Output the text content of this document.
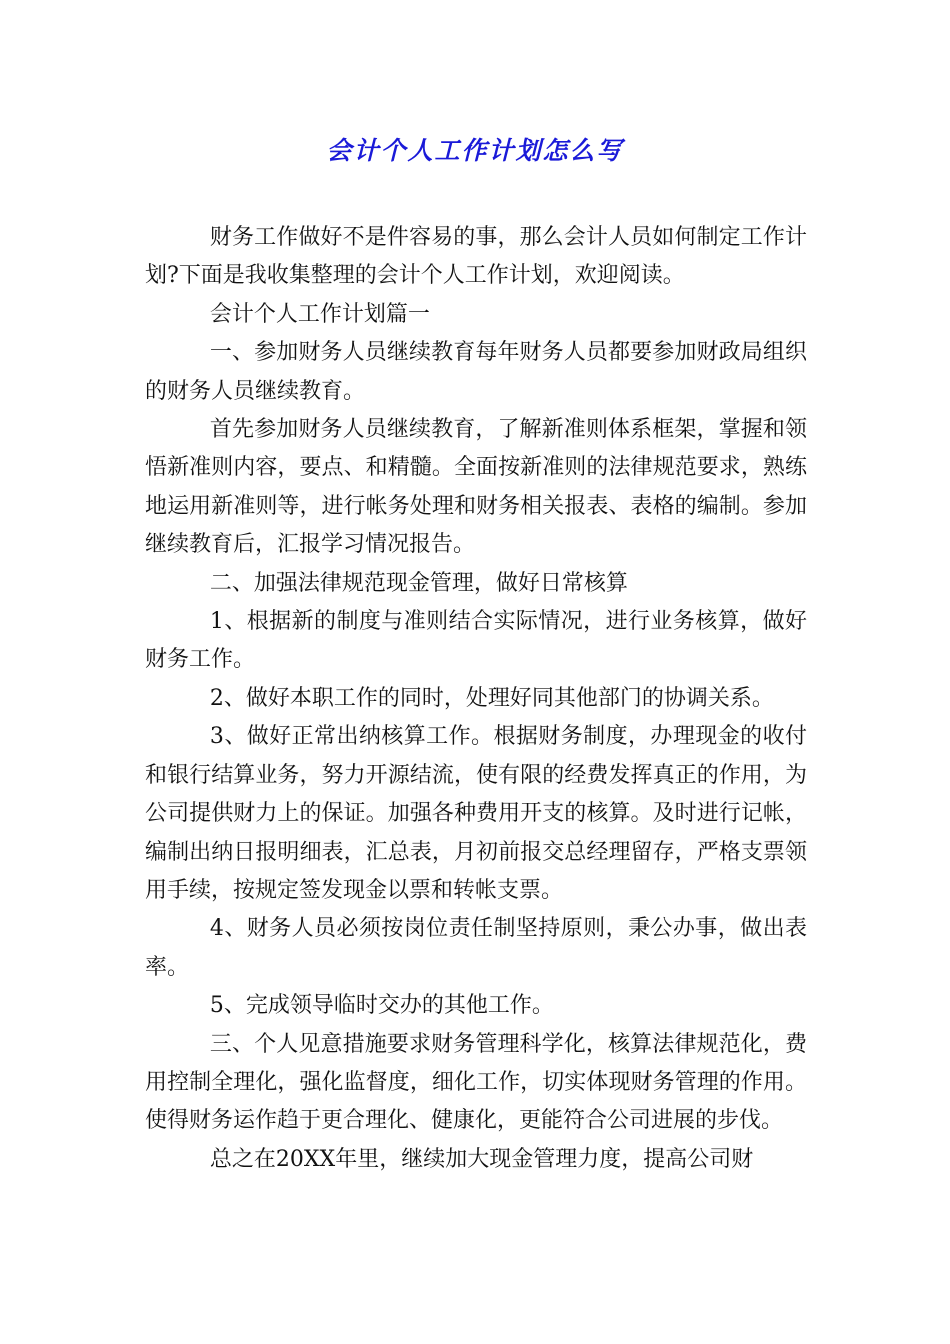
会计个人工作计划怎么写

财务工作做好不是件容易的事，那么会计人员如何制定工作计划?下面是我收集整理的会计个人工作计划，欢迎阅读。

会计个人工作计划篇一

一、参加财务人员继续教育每年财务人员都要参加财政局组织的财务人员继续教育。

首先参加财务人员继续教育，了解新准则体系框架，掌握和领悟新准则内容，要点、和精髓。全面按新准则的法律规范要求，熟练地运用新准则等，进行帐务处理和财务相关报表、表格的编制。参加继续教育后，汇报学习情况报告。

二、加强法律规范现金管理，做好日常核算

1、根据新的制度与准则结合实际情况，进行业务核算，做好财务工作。

2、做好本职工作的同时，处理好同其他部门的协调关系。

3、做好正常出纳核算工作。根据财务制度，办理现金的收付和银行结算业务，努力开源结流，使有限的经费发挥真正的作用，为公司提供财力上的保证。加强各种费用开支的核算。及时进行记帐，编制出纳日报明细表，汇总表，月初前报交总经理留存，严格支票领用手续，按规定签发现金以票和转帐支票。

4、财务人员必须按岗位责任制坚持原则，秉公办事，做出表率。

5、完成领导临时交办的其他工作。

三、个人见意措施要求财务管理科学化，核算法律规范化，费用控制全理化，强化监督度，细化工作，切实体现财务管理的作用。使得财务运作趋于更合理化、健康化，更能符合公司进展的步伐。

总之在20XX年里，继续加大现金管理力度，提高公司财
